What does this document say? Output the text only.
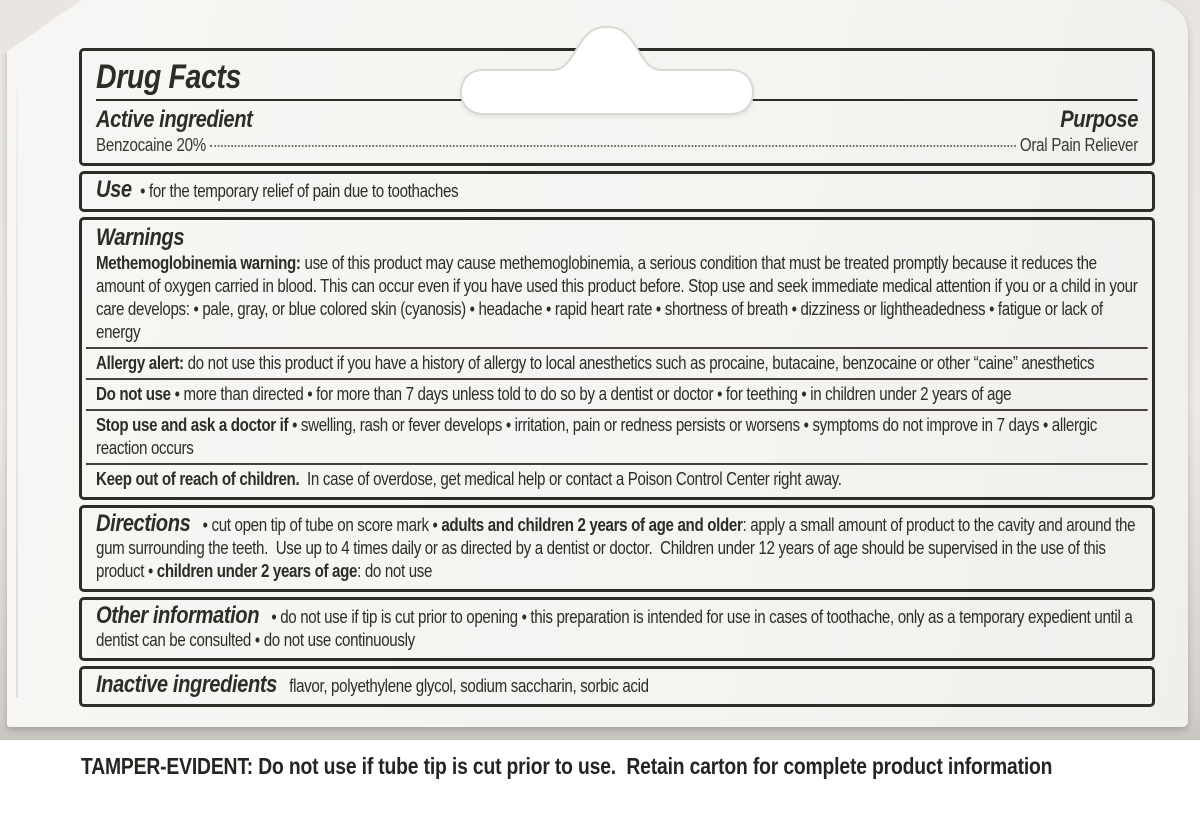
Drug Facts
Active ingredient	Purpose
Benzocaine 20%	Oral Pain Reliever

Use • for the temporary relief of pain due to toothaches

Warnings

Methemoglobinemia warning: use of this product may cause methemoglobinemia, a serious condition that must be treated promptly because it reduces the amount of oxygen carried in blood. This can occur even if you have used this product before. Stop use and seek immediate medical attention if you or a child in your care develops: • pale, gray, or blue colored skin (cyanosis) • headache • rapid heart rate • shortness of breath • dizziness or lightheadedness • fatigue or lack of energy

Allergy alert: do not use this product if you have a history of allergy to local anesthetics such as procaine, butacaine, benzocaine or other “caine” anesthetics

Do not use • more than directed • for more than 7 days unless told to do so by a dentist or doctor • for teething • in children under 2 years of age

Stop use and ask a doctor if • swelling, rash or fever develops • irritation, pain or redness persists or worsens • symptoms do not improve in 7 days • allergic reaction occurs

Keep out of reach of children.  In case of overdose, get medical help or contact a Poison Control Center right away.

Directions • cut open tip of tube on score mark • adults and children 2 years of age and older: apply a small amount of product to the cavity and around the gum surrounding the teeth.  Use up to 4 times daily or as directed by a dentist or doctor.  Children under 12 years of age should be supervised in the use of this product • children under 2 years of age: do not use

Other information • do not use if tip is cut prior to opening • this preparation is intended for use in cases of toothache, only as a temporary expedient until a dentist can be consulted • do not use continuously

Inactive ingredients flavor, polyethylene glycol, sodium saccharin, sorbic acid

TAMPER-EVIDENT: Do not use if tube tip is cut prior to use.  Retain carton for complete product information
